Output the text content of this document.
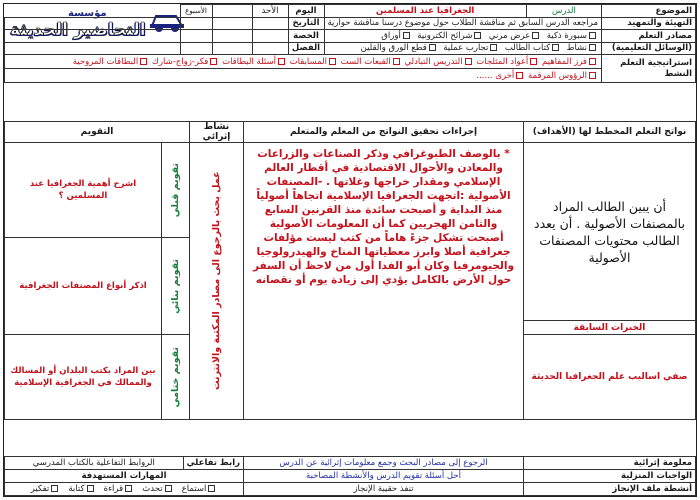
مؤسسة
التحاضير الحديثة
الموضوع	الدرس	الجغرافيا عند المسلمين	اليوم	الأحد		الأسبوع	
التهيئة والتمهيد	مراجعه الدرس السابق ثم مناقشة الطلاب حول موضوع درسنا مناقشة حوارية		التاريخ				
مصادر التعلم	سبورة ذكية  عرض مرني  شرائح الكترونية  أوراق		الحصة				
(الوسائل التعليمية)	نشاط  كتاب الطالب  تجارب عملية  قطع الورق والقلين		الفصل				
استراتيجية التعلم النشط	فرز المفاهيم أعواد المثلجات التدريس التبادلي القبعات الست المسابقات أسئلة البطاقات فكر-زواج-شارك البطاقات المروحية						
	الرؤوس المرقمة أخرى ......						
نواتج التعلم المخطط لها (الأهداف)	إجراءات تحقيق النواتج من المعلم والمتعلم	نشاط إثرائي	التقويم	

أن يبين الطالب المراد بالمصنفات الأصولية . أن يعدد الطالب محتويات المصنفات الأصولية	* بالوصف الطبوغرافي وذكر الصناعات والزراعات والمعادن والأحوال الاقتصادية في أقطار العالم الإسلامي ومقدار خراجها وغلاتها . -المصنفات الأصولية :اتجهت الجغرافيا الإسلامية اتجاهاً أصولياً منذ البداية و أصبحت سائدة منذ القرنين السابع والثامن الهجريين كما أن المعلومات الأصولية أصبحت تشكل جزءً هاماً من كتب ليست مؤلفات جغرافية أصلا وابرز معطياتها المناخ والهيدرولوجيا والجيومرفيا وكان أبو الفدا أول من لاحظ أن السفر حول الأرض بالكامل يؤدي إلى زيادة يوم أو نقصانه	عمل بحث بالرجوع الى مصادر المكتبة والانترنت	تقويم قبلي	اشرح أهمية الجغرافيا عند المسلمين ؟

			تقويم بنائي	اذكر أنواع المصنفات الجغرافية
الخبرات السابقة				
صفي اساليب علم الجغرافيا الحديثة			تقويم ختامي	بين المراد بكتب البلدان أو المسالك والممالك في الجغرافية الإسلامية
معلومة إثرائية	الرجوع إلى مصادر البحث وجمع معلومات إثرائية عن الدرس	رابط تفاعلي	الروابط التفاعلية بالكتاب المدرسي
الواجبات المنزلية	أحل أسئلة تقويم الدرس والأنشطة المصاحبة	المهارات المستهدفة	
أنشطة ملف الإنجاز	تنفذ حقيبة الإنجاز	استماع   تحدث   قراءة   كتابة   تفكير	
